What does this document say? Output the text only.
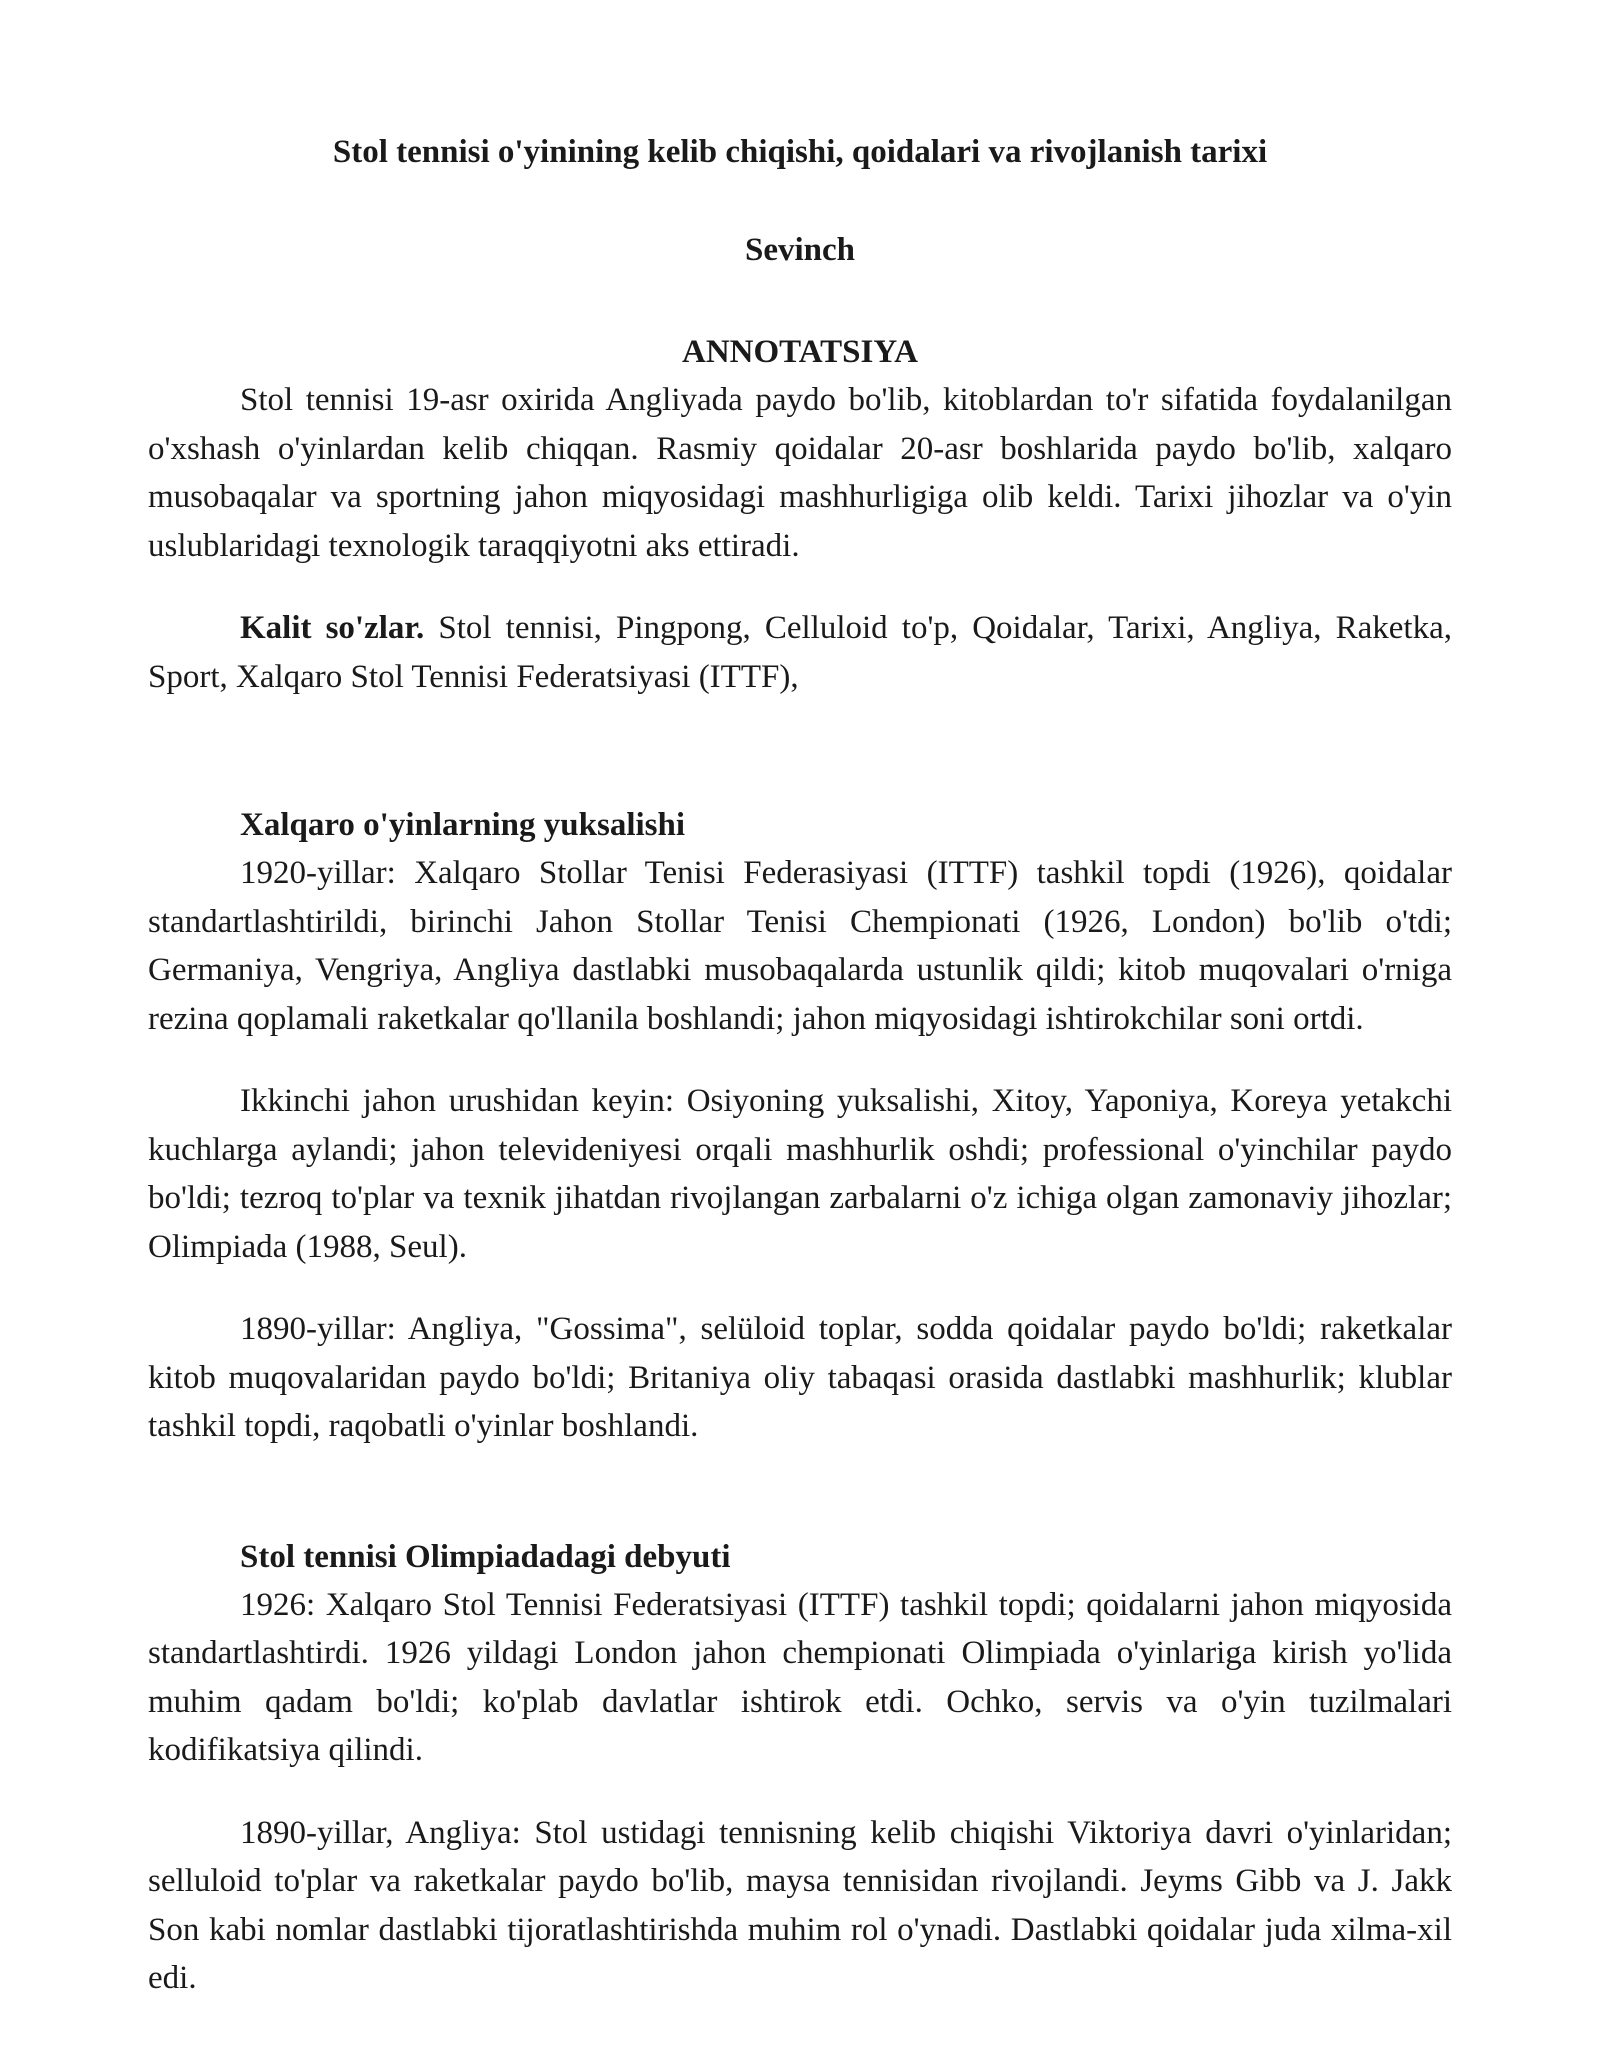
Stol tennisi o'yinining kelib chiqishi, qoidalari va rivojlanish tarixi
Sevinch
ANNOTATSIYA

Stol tennisi 19-asr oxirida Angliyada paydo bo'lib, kitoblardan to'r sifatida foydalanilgan o'xshash o'yinlardan kelib chiqqan. Rasmiy qoidalar 20-asr boshlarida paydo bo'lib, xalqaro musobaqalar va sportning jahon miqyosidagi mashhurligiga olib keldi. Tarixi jihozlar va o'yin uslublaridagi texnologik taraqqiyotni aks ettiradi.

Kalit so'zlar. Stol tennisi, Pingpong, Celluloid to'p, Qoidalar, Tarixi, Angliya, Raketka, Sport, Xalqaro Stol Tennisi Federatsiyasi (ITTF),

Xalqaro o'yinlarning yuksalishi

1920-yillar: Xalqaro Stollar Tenisi Federasiyasi (ITTF) tashkil topdi (1926), qoidalar standartlashtirildi, birinchi Jahon Stollar Tenisi Chempionati (1926, London) bo'lib o'tdi; Germaniya, Vengriya, Angliya dastlabki musobaqalarda ustunlik qildi; kitob muqovalari o'rniga rezina qoplamali raketkalar qo'llanila boshlandi; jahon miqyosidagi ishtirokchilar soni ortdi.

Ikkinchi jahon urushidan keyin: Osiyoning yuksalishi, Xitoy, Yaponiya, Koreya yetakchi kuchlarga aylandi; jahon televideniyesi orqali mashhurlik oshdi; professional o'yinchilar paydo bo'ldi; tezroq to'plar va texnik jihatdan rivojlangan zarbalarni o'z ichiga olgan zamonaviy jihozlar; Olimpiada (1988, Seul).

1890-yillar: Angliya, "Gossima", selüloid toplar, sodda qoidalar paydo bo'ldi; raketkalar kitob muqovalaridan paydo bo'ldi; Britaniya oliy tabaqasi orasida dastlabki mashhurlik; klublar tashkil topdi, raqobatli o'yinlar boshlandi.

Stol tennisi Olimpiadadagi debyuti

1926: Xalqaro Stol Tennisi Federatsiyasi (ITTF) tashkil topdi; qoidalarni jahon miqyosida standartlashtirdi. 1926 yildagi London jahon chempionati Olimpiada o'yinlariga kirish yo'lida muhim qadam bo'ldi; ko'plab davlatlar ishtirok etdi. Ochko, servis va o'yin tuzilmalari kodifikatsiya qilindi.

1890-yillar, Angliya: Stol ustidagi tennisning kelib chiqishi Viktoriya davri o'yinlaridan; selluloid to'plar va raketkalar paydo bo'lib, maysa tennisidan rivojlandi. Jeyms Gibb va J. Jakk Son kabi nomlar dastlabki tijoratlashtirishda muhim rol o'ynadi. Dastlabki qoidalar juda xilma-xil edi.
